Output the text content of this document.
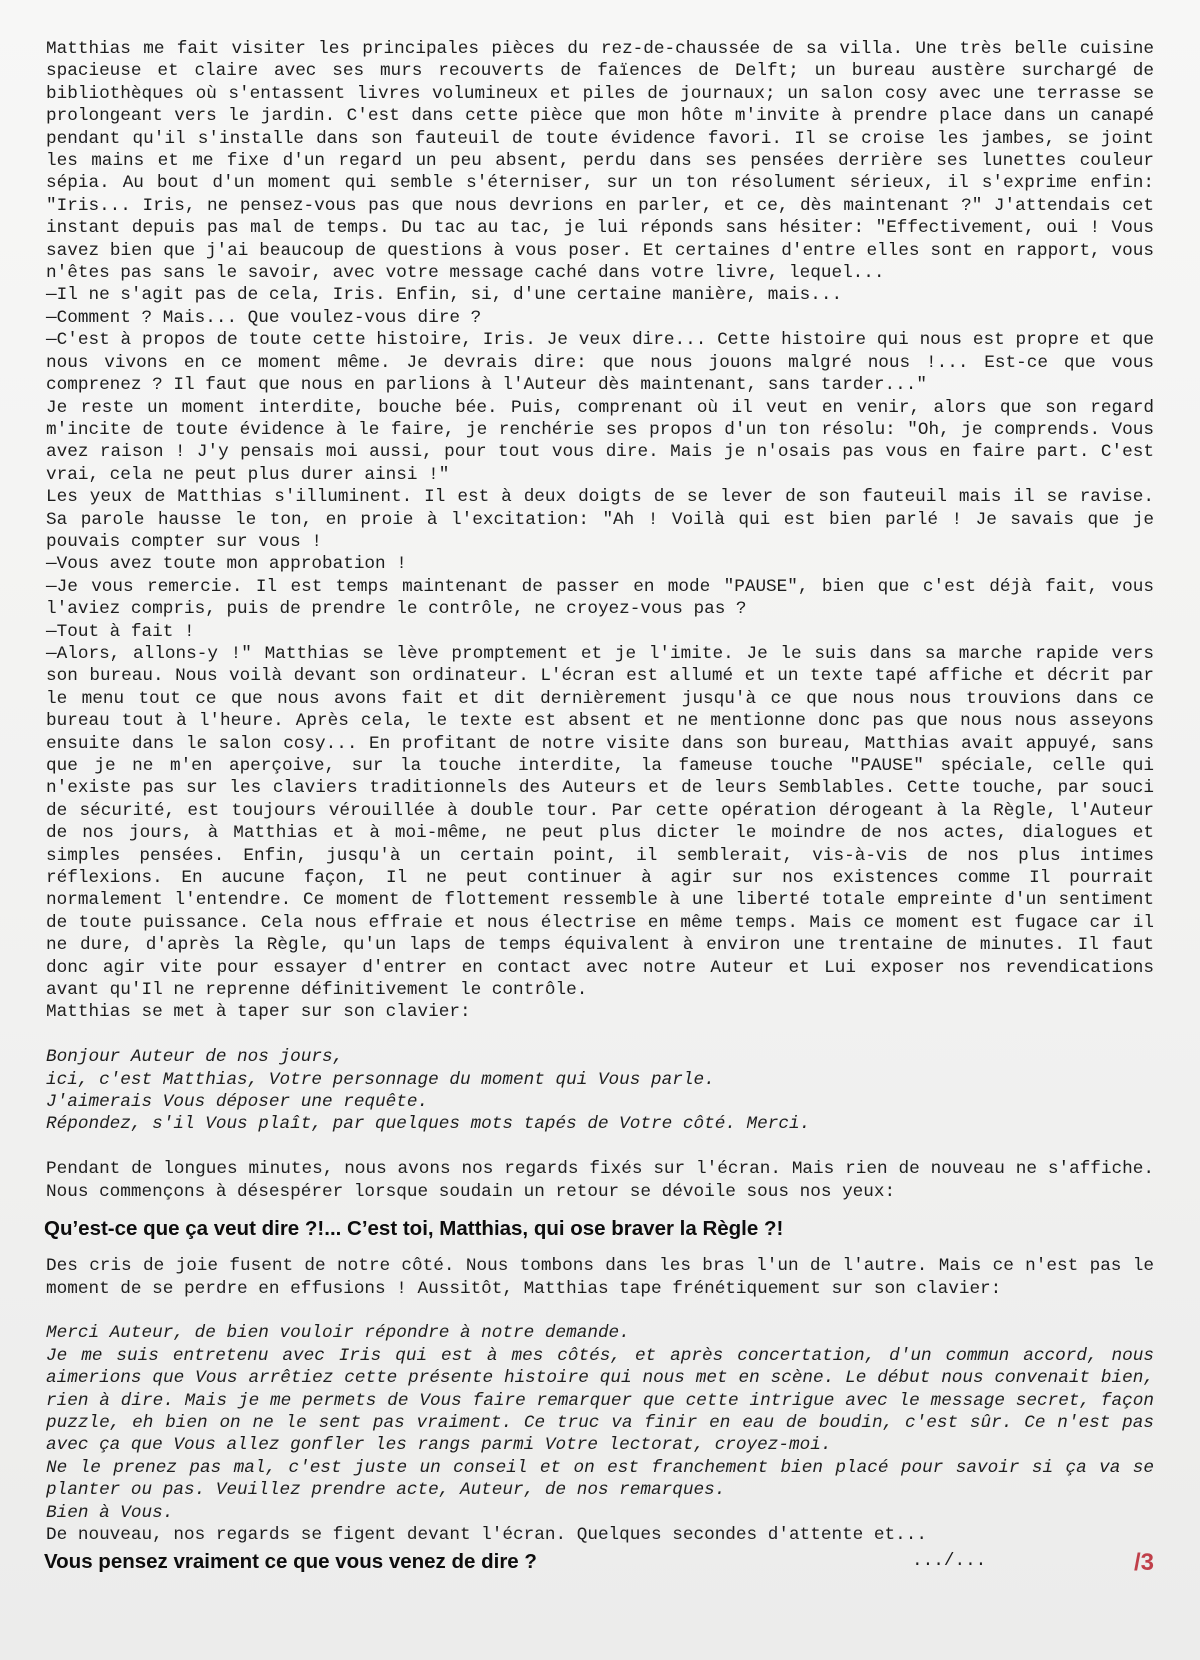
Matthias me fait visiter les principales pièces du rez-de-chaussée de sa villa. Une très belle cuisine spacieuse et claire avec ses murs recouverts de faïences de Delft; un bureau austère surchargé de bibliothèques où s'entassent livres volumineux et piles de journaux; un salon cosy avec une terrasse se prolongeant vers le jardin. C'est dans cette pièce que mon hôte m'invite à prendre place dans un canapé pendant qu'il s'installe dans son fauteuil de toute évidence favori. Il se croise les jambes, se joint les mains et me fixe d'un regard un peu absent, perdu dans ses pensées derrière ses lunettes couleur sépia. Au bout d'un moment qui semble s'éterniser, sur un ton résolument sérieux, il s'exprime enfin: "Iris... Iris, ne pensez-vous pas que nous devrions en parler, et ce, dès maintenant ?" J'attendais cet instant depuis pas mal de temps. Du tac au tac, je lui réponds sans hésiter: "Effectivement, oui ! Vous savez bien que j'ai beaucoup de questions à vous poser. Et certaines d'entre elles sont en rapport, vous n'êtes pas sans le savoir, avec votre message caché dans votre livre, lequel...

—Il ne s'agit pas de cela, Iris. Enfin, si, d'une certaine manière, mais...

—Comment ? Mais... Que voulez-vous dire ?

—C'est à propos de toute cette histoire, Iris. Je veux dire... Cette histoire qui nous est propre et que nous vivons en ce moment même. Je devrais dire: que nous jouons malgré nous !... Est-ce que vous comprenez ? Il faut que nous en parlions à l'Auteur dès maintenant, sans tarder..."

Je reste un moment interdite, bouche bée. Puis, comprenant où il veut en venir, alors que son regard m'incite de toute évidence à le faire, je renchérie ses propos d'un ton résolu: "Oh, je comprends. Vous avez raison ! J'y pensais moi aussi, pour tout vous dire. Mais je n'osais pas vous en faire part. C'est vrai, cela ne peut plus durer ainsi !"

Les yeux de Matthias s'illuminent. Il est à deux doigts de se lever de son fauteuil mais il se ravise. Sa parole hausse le ton, en proie à l'excitation: "Ah ! Voilà qui est bien parlé ! Je savais que je pouvais compter sur vous !

—Vous avez toute mon approbation !

—Je vous remercie. Il est temps maintenant de passer en mode "PAUSE", bien que c'est déjà fait, vous l'aviez compris, puis de prendre le contrôle, ne croyez-vous pas ?

—Tout à fait !

—Alors, allons-y !" Matthias se lève promptement et je l'imite. Je le suis dans sa marche rapide vers son bureau. Nous voilà devant son ordinateur. L'écran est allumé et un texte tapé affiche et décrit par le menu tout ce que nous avons fait et dit dernièrement jusqu'à ce que nous nous trouvions dans ce bureau tout à l'heure. Après cela, le texte est absent et ne mentionne donc pas que nous nous asseyons ensuite dans le salon cosy... En profitant de notre visite dans son bureau, Matthias avait appuyé, sans que je ne m'en aperçoive, sur la touche interdite, la fameuse touche "PAUSE" spéciale, celle qui n'existe pas sur les claviers traditionnels des Auteurs et de leurs Semblables. Cette touche, par souci de sécurité, est toujours vérouillée à double tour. Par cette opération dérogeant à la Règle, l'Auteur de nos jours, à Matthias et à moi-même, ne peut plus dicter le moindre de nos actes, dialogues et simples pensées. Enfin, jusqu'à un certain point, il semblerait, vis-à-vis de nos plus intimes réflexions. En aucune façon, Il ne peut continuer à agir sur nos existences comme Il pourrait normalement l'entendre. Ce moment de flottement ressemble à une liberté totale empreinte d'un sentiment de toute puissance. Cela nous effraie et nous électrise en même temps. Mais ce moment est fugace car il ne dure, d'après la Règle, qu'un laps de temps équivalent à environ une trentaine de minutes. Il faut donc agir vite pour essayer d'entrer en contact avec notre Auteur et Lui exposer nos revendications avant qu'Il ne reprenne définitivement le contrôle.

Matthias se met à taper sur son clavier:

Bonjour Auteur de nos jours,
ici, c'est Matthias, Votre personnage du moment qui Vous parle.
J'aimerais Vous déposer une requête.
Répondez, s'il Vous plaît, par quelques mots tapés de Votre côté. Merci.

Pendant de longues minutes, nous avons nos regards fixés sur l'écran. Mais rien de nouveau ne s'affiche. Nous commençons à désespérer lorsque soudain un retour se dévoile sous nos yeux:

Qu’est-ce que ça veut dire ?!... C’est toi, Matthias, qui ose braver la Règle ?!

Des cris de joie fusent de notre côté. Nous tombons dans les bras l'un de l'autre. Mais ce n'est pas le moment de se perdre en effusions ! Aussitôt, Matthias tape frénétiquement sur son clavier:

Merci Auteur, de bien vouloir répondre à notre demande.

Je me suis entretenu avec Iris qui est à mes côtés, et après concertation, d'un commun accord, nous aimerions que Vous arrêtiez cette présente histoire qui nous met en scène. Le début nous convenait bien, rien à dire. Mais je me permets de Vous faire remarquer que cette intrigue avec le message secret, façon puzzle, eh bien on ne le sent pas vraiment. Ce truc va finir en eau de boudin, c'est sûr. Ce n'est pas avec ça que Vous allez gonfler les rangs parmi Votre lectorat, croyez-moi.

Ne le prenez pas mal, c'est juste un conseil et on est franchement bien placé pour savoir si ça va se planter ou pas. Veuillez prendre acte, Auteur, de nos remarques.

Bien à Vous.

De nouveau, nos regards se figent devant l'écran. Quelques secondes d'attente et...

Vous pensez vraiment ce que vous venez de dire ?	.../...	/3
